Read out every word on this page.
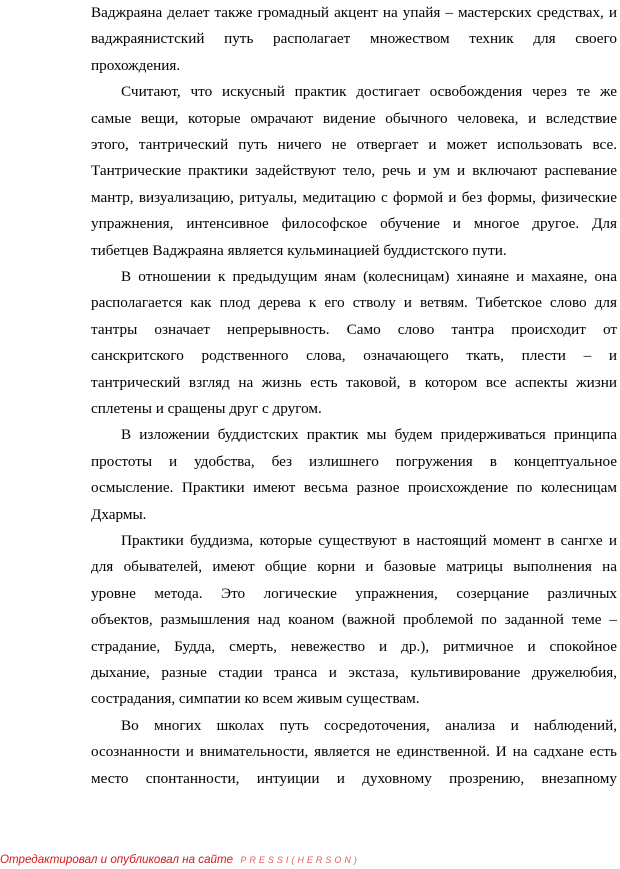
Отредактировал и опубликовал на сайте PRESSI(HERSON)
Ваджраяна делает также громадный акцент на упайя – мастерских средствах, и
ваджраянистский путь располагает множеством техник для своего
прохождения.
Считают, что искусный практик достигает освобождения через те же
самые вещи, которые омрачают видение обычного человека, и вследствие
этого, тантрический путь ничего не отвергает и может использовать все.
Тантрические практики задействуют тело, речь и ум и включают распевание
мантр, визуализацию, ритуалы, медитацию с формой и без формы, физические
упражнения, интенсивное философское обучение и многое другое. Для
тибетцев Ваджраяна является кульминацией буддистского пути.
В отношении к предыдущим янам (колесницам) хинаяне и махаяне, она
располагается как плод дерева к его стволу и ветвям. Тибетское слово для
тантры означает непрерывность. Само слово тантра происходит от
санскритского родственного слова, означающего ткать, плести – и
тантрический взгляд на жизнь есть таковой, в котором все аспекты жизни
сплетены и сращены друг с другом.
В изложении буддистских практик мы будем придерживаться принципа
простоты и удобства, без излишнего погружения в концептуальное
осмысление. Практики имеют весьма разное происхождение по колесницам
Дхармы.
Практики буддизма, которые существуют в настоящий момент в сангхе и
для обывателей, имеют общие корни и базовые матрицы выполнения на
уровне метода. Это логические упражнения, созерцание различных
объектов, размышления над коаном (важной проблемой по заданной теме –
страдание, Будда, смерть, невежество и др.), ритмичное и спокойное
дыхание, разные стадии транса и экстаза, культивирование дружелюбия,
сострадания, симпатии ко всем живым существам.
Во многих школах путь сосредоточения, анализа и наблюдений,
осознанности и внимательности, является не единственной. И на садхане есть
место спонтанности, интуиции и духовному прозрению, внезапному
